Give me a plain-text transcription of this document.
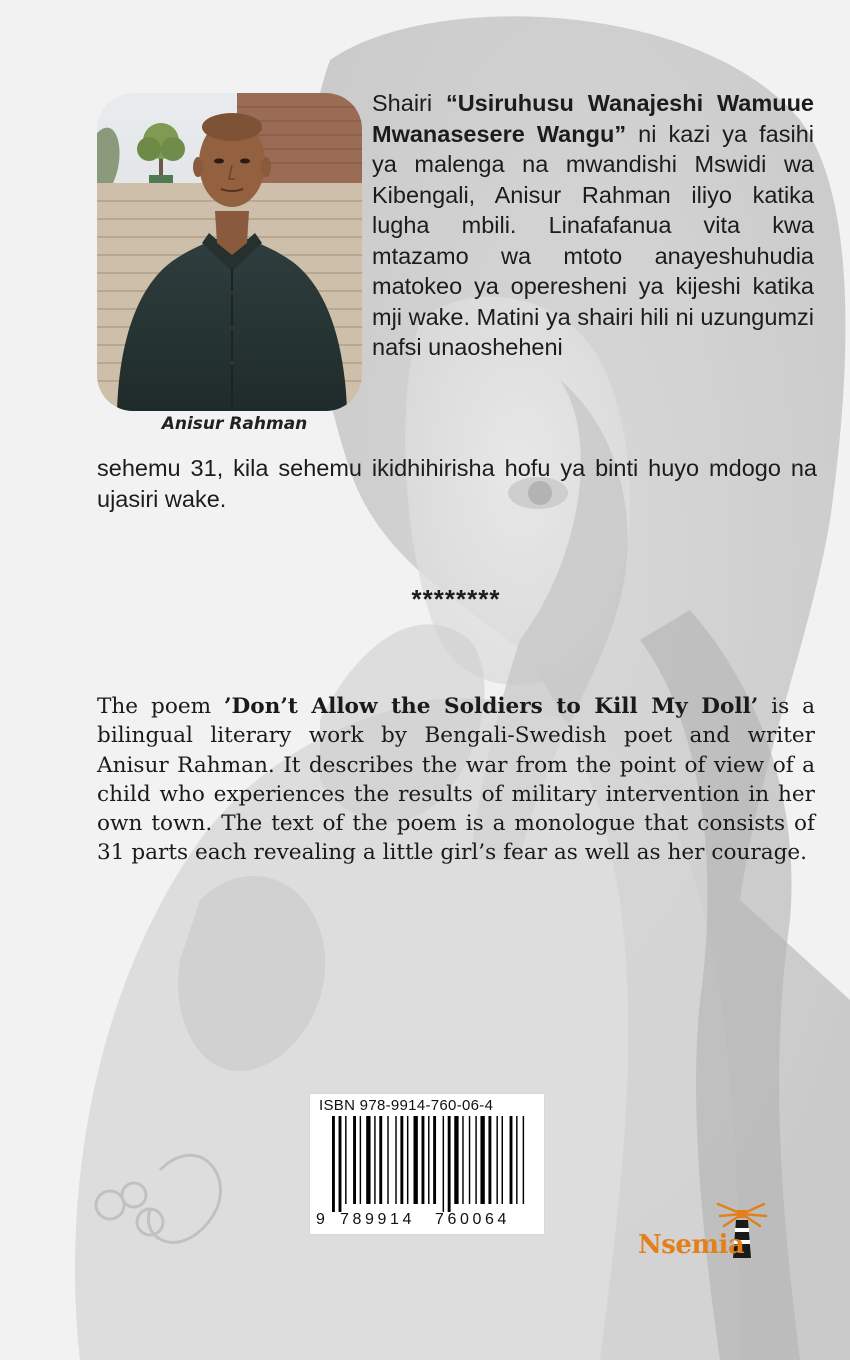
Anisur Rahman

Shairi “Usiruhusu Wanajeshi Wamuue Mwanasesere Wangu” ni kazi ya fasihi ya malenga na mwandishi Mswidi wa Kibengali, Anisur Rahman iliyo katika lugha mbili. Linafafanua vita kwa mtazamo wa mtoto anayeshuhudia matokeo ya operesheni ya kijeshi katika mji wake. Matini ya shairi hili ni uzungumzi nafsi unaosheheni

sehemu 31, kila sehemu ikidhihirisha hofu ya binti huyo mdogo na ujasiri wake.

********

The poem ’Don’t Allow the Soldiers to Kill My Doll’ is a bilingual literary work by Bengali-Swedish poet and writer Anisur Rahman. It describes the war from the point of view of a child who experiences the results of military intervention in her own town. The text of the poem is a monologue that consists of 31 parts each revealing a little girl’s fear as well as her courage.

ISBN 978-9914-760-06-4
9 789914 760064
Nsemia
